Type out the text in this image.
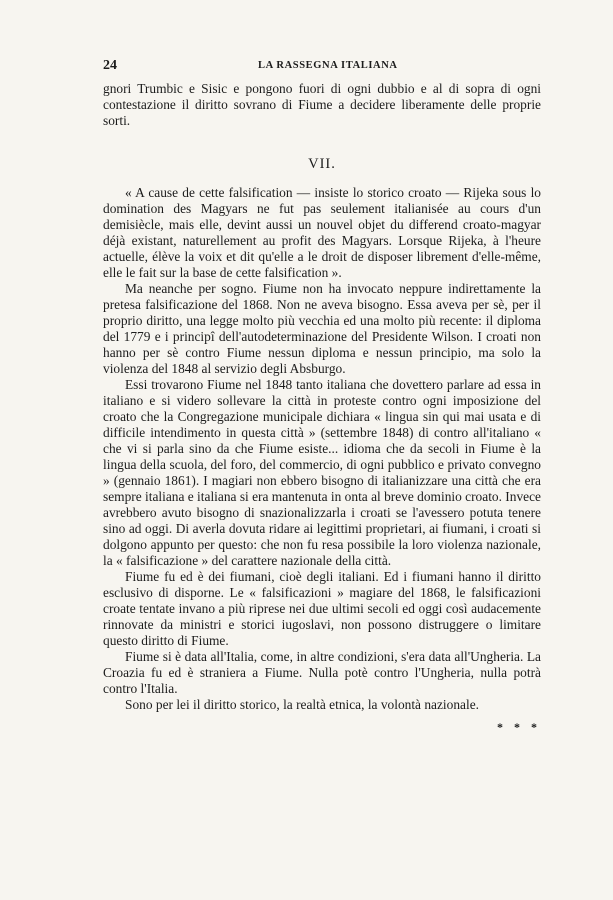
24	LA RASSEGNA ITALIANA

gnori Trumbic e Sisic e pongono fuori di ogni dubbio e al di sopra di ogni contestazione il diritto sovrano di Fiume a decidere liberamente delle proprie sorti.

VII.

« A cause de cette falsification — insiste lo storico croato — Rijeka sous lo domination des Magyars ne fut pas seulement italianisée au cours d'un demisiècle, mais elle, devint aussi un nouvel objet du differend croato-magyar déjà existant, naturellement au profit des Magyars. Lorsque Rijeka, à l'heure actuelle, élève la voix et dit qu'elle a le droit de disposer librement d'elle-même, elle le fait sur la base de cette falsification ».

Ma neanche per sogno. Fiume non ha invocato neppure indirettamente la pretesa falsificazione del 1868. Non ne aveva bisogno. Essa aveva per sè, per il proprio diritto, una legge molto più vecchia ed una molto più recente: il diploma del 1779 e i principî dell'autodeterminazione del Presidente Wilson. I croati non hanno per sè contro Fiume nessun diploma e nessun principio, ma solo la violenza del 1848 al servizio degli Absburgo.

Essi trovarono Fiume nel 1848 tanto italiana che dovettero parlare ad essa in italiano e si videro sollevare la città in proteste contro ogni imposizione del croato che la Congregazione municipale dichiara « lingua sin qui mai usata e di difficile intendimento in questa città » (settembre 1848) di contro all'italiano « che vi si parla sino da che Fiume esiste... idioma che da secoli in Fiume è la lingua della scuola, del foro, del commercio, di ogni pubblico e privato convegno » (gennaio 1861). I magiari non ebbero bisogno di italianizzare una città che era sempre italiana e italiana si era mantenuta in onta al breve dominio croato. Invece avrebbero avuto bisogno di snazionalizzarla i croati se l'avessero potuta tenere sino ad oggi. Di averla dovuta ridare ai legittimi proprietari, ai fiumani, i croati si dolgono appunto per questo: che non fu resa possibile la loro violenza nazionale, la « falsificazione » del carattere nazionale della città.

Fiume fu ed è dei fiumani, cioè degli italiani. Ed i fiumani hanno il diritto esclusivo di disporne. Le « falsificazioni » magiare del 1868, le falsificazioni croate tentate invano a più riprese nei due ultimi secoli ed oggi così audacemente rinnovate da ministri e storici iugoslavi, non possono distruggere o limitare questo diritto di Fiume.

Fiume si è data all'Italia, come, in altre condizioni, s'era data all'Ungheria. La Croazia fu ed è straniera a Fiume. Nulla potè contro l'Ungheria, nulla potrà contro l'Italia.

Sono per lei il diritto storico, la realtà etnica, la volontà nazionale.

* * *
